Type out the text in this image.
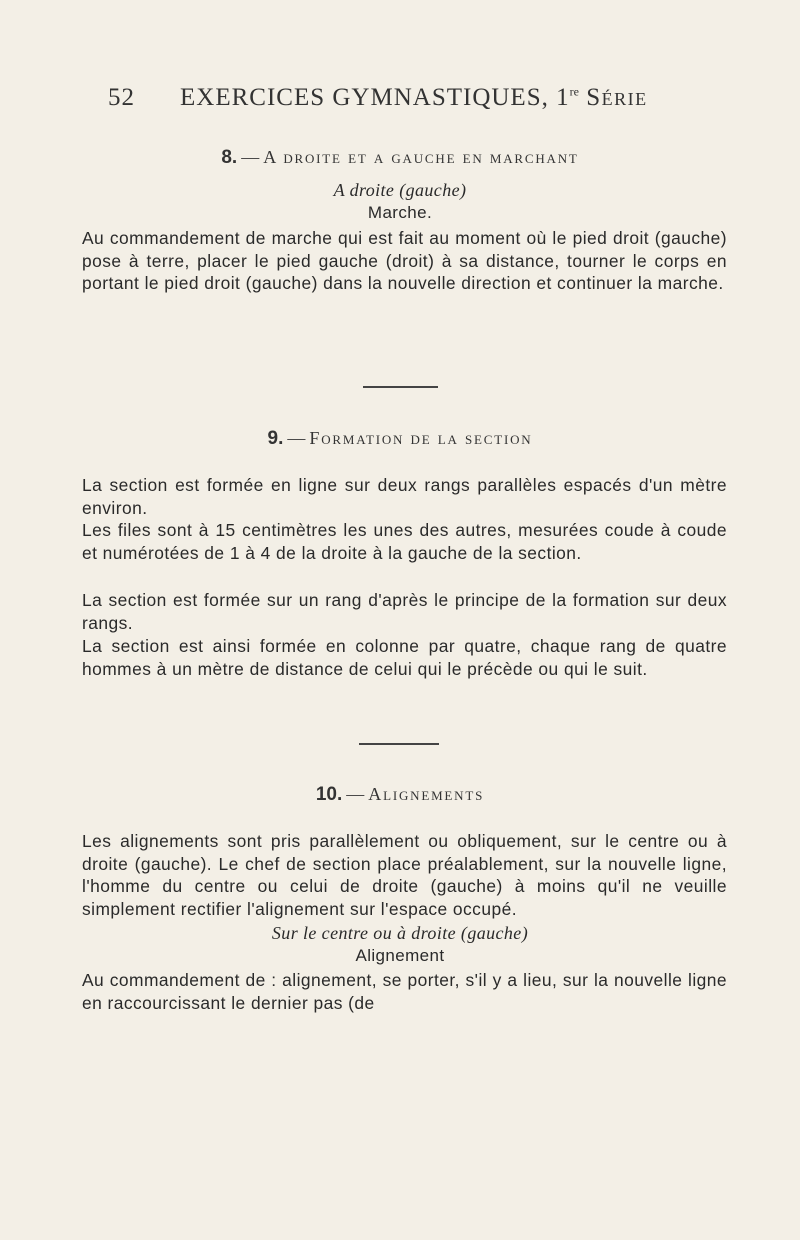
52	EXERCICES GYMNASTIQUES, 1re Série
8. — A droite et a gauche en marchant
A droite (gauche)
Marche.

Au commandement de marche qui est fait au moment où le pied droit (gauche) pose à terre, placer le pied gauche (droit) à sa distance, tourner le corps en portant le pied droit (gauche) dans la nouvelle direction et continuer la marche.

9. — Formation de la section

La section est formée en ligne sur deux rangs parallèles espacés d'un mètre environ.

Les files sont à 15 centimètres les unes des autres, mesurées coude à coude et numérotées de 1 à 4 de la droite à la gauche de la section.

La section est formée sur un rang d'après le principe de la formation sur deux rangs.

La section est ainsi formée en colonne par quatre, chaque rang de quatre hommes à un mètre de distance de celui qui le précède ou qui le suit.

10. — Alignements

Les alignements sont pris parallèlement ou obliquement, sur le centre ou à droite (gauche). Le chef de section place préalablement, sur la nouvelle ligne, l'homme du centre ou celui de droite (gauche) à moins qu'il ne veuille simplement rectifier l'alignement sur l'espace occupé.

Sur le centre ou à droite (gauche)
Alignement

Au commandement de : alignement, se porter, s'il y a lieu, sur la nouvelle ligne en raccourcissant le dernier pas (de
